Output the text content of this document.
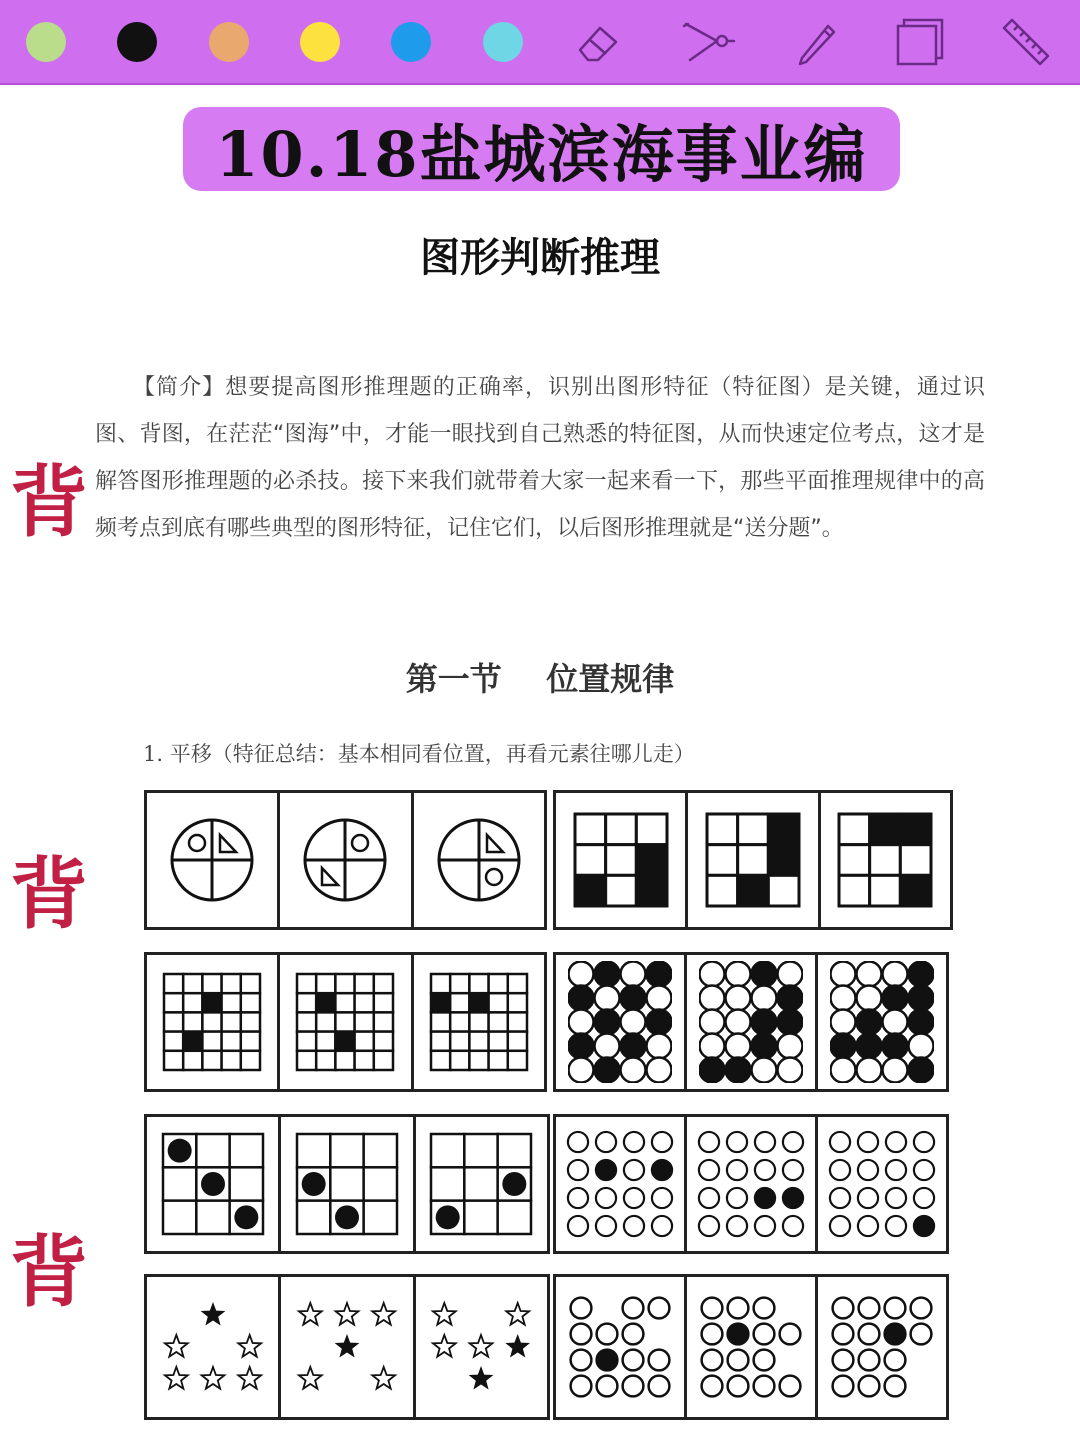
10.18盐城滨海事业编
图形判断推理
【简介】想要提高图形推理题的正确率，识别出图形特征（特征图）是关键，通过识图、背图，在茫茫“图海”中，才能一眼找到自己熟悉的特征图，从而快速定位考点，这才是解答图形推理题的必杀技。接下来我们就带着大家一起来看一下，那些平面推理规律中的高频考点到底有哪些典型的图形特征，记住它们，以后图形推理就是“送分题”。
背
背
背
第一节    位置规律
1. 平移（特征总结：基本相同看位置，再看元素往哪儿走）
